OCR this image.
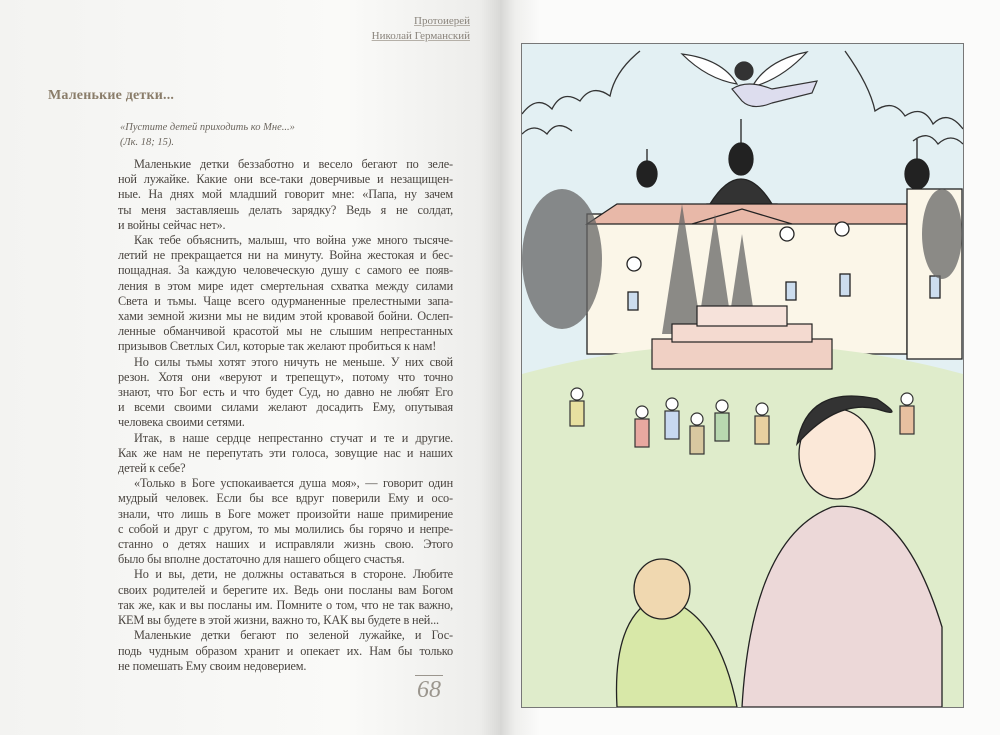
Протоиерей
Николай Германский
Маленькие детки...
«Пустите детей приходить ко Мне...»
(Лк. 18; 15).
Маленькие детки беззаботно и весело бегают по зеле-
ной лужайке. Какие они все-таки доверчивые и незащищен-
ные. На днях мой младший говорит мне: «Папа, ну зачем
ты меня заставляешь делать зарядку? Ведь я не солдат,
и войны сейчас нет».
Как тебе объяснить, малыш, что война уже много тысяче-
летий не прекращается ни на минуту. Война жестокая и бес-
пощадная. За каждую человеческую душу с самого ее появ-
ления в этом мире идет смертельная схватка между силами
Света и тьмы. Чаще всего одурманенные прелестными запа-
хами земной жизни мы не видим этой кровавой бойни. Ослеп-
ленные обманчивой красотой мы не слышим непрестанных
призывов Светлых Сил, которые так желают пробиться к нам!
Но силы тьмы хотят этого ничуть не меньше. У них свой
резон. Хотя они «веруют и трепещут», потому что точно
знают, что Бог есть и что будет Суд, но давно не любят Его
и всеми своими силами желают досадить Ему, опутывая
человека своими сетями.
Итак, в наше сердце непрестанно стучат и те и другие.
Как же нам не перепутать эти голоса, зовущие нас и наших
детей к себе?
«Только в Боге успокаивается душа моя», — говорит один
мудрый человек. Если бы все вдруг поверили Ему и осо-
знали, что лишь в Боге может произойти наше примирение
с собой и друг с другом, то мы молились бы горячо и непре-
станно о детях наших и исправляли жизнь свою. Этого
было бы вполне достаточно для нашего общего счастья.
Но и вы, дети, не должны оставаться в стороне. Любите
своих родителей и берегите их. Ведь они посланы вам Богом
так же, как и вы посланы им. Помните о том, что не так важно,
КЕМ вы будете в этой жизни, важно то, КАК вы будете в ней...
Маленькие детки бегают по зеленой лужайке, и Гос-
подь чудным образом хранит и опекает их. Нам бы только
не помешать Ему своим недоверием.
68
